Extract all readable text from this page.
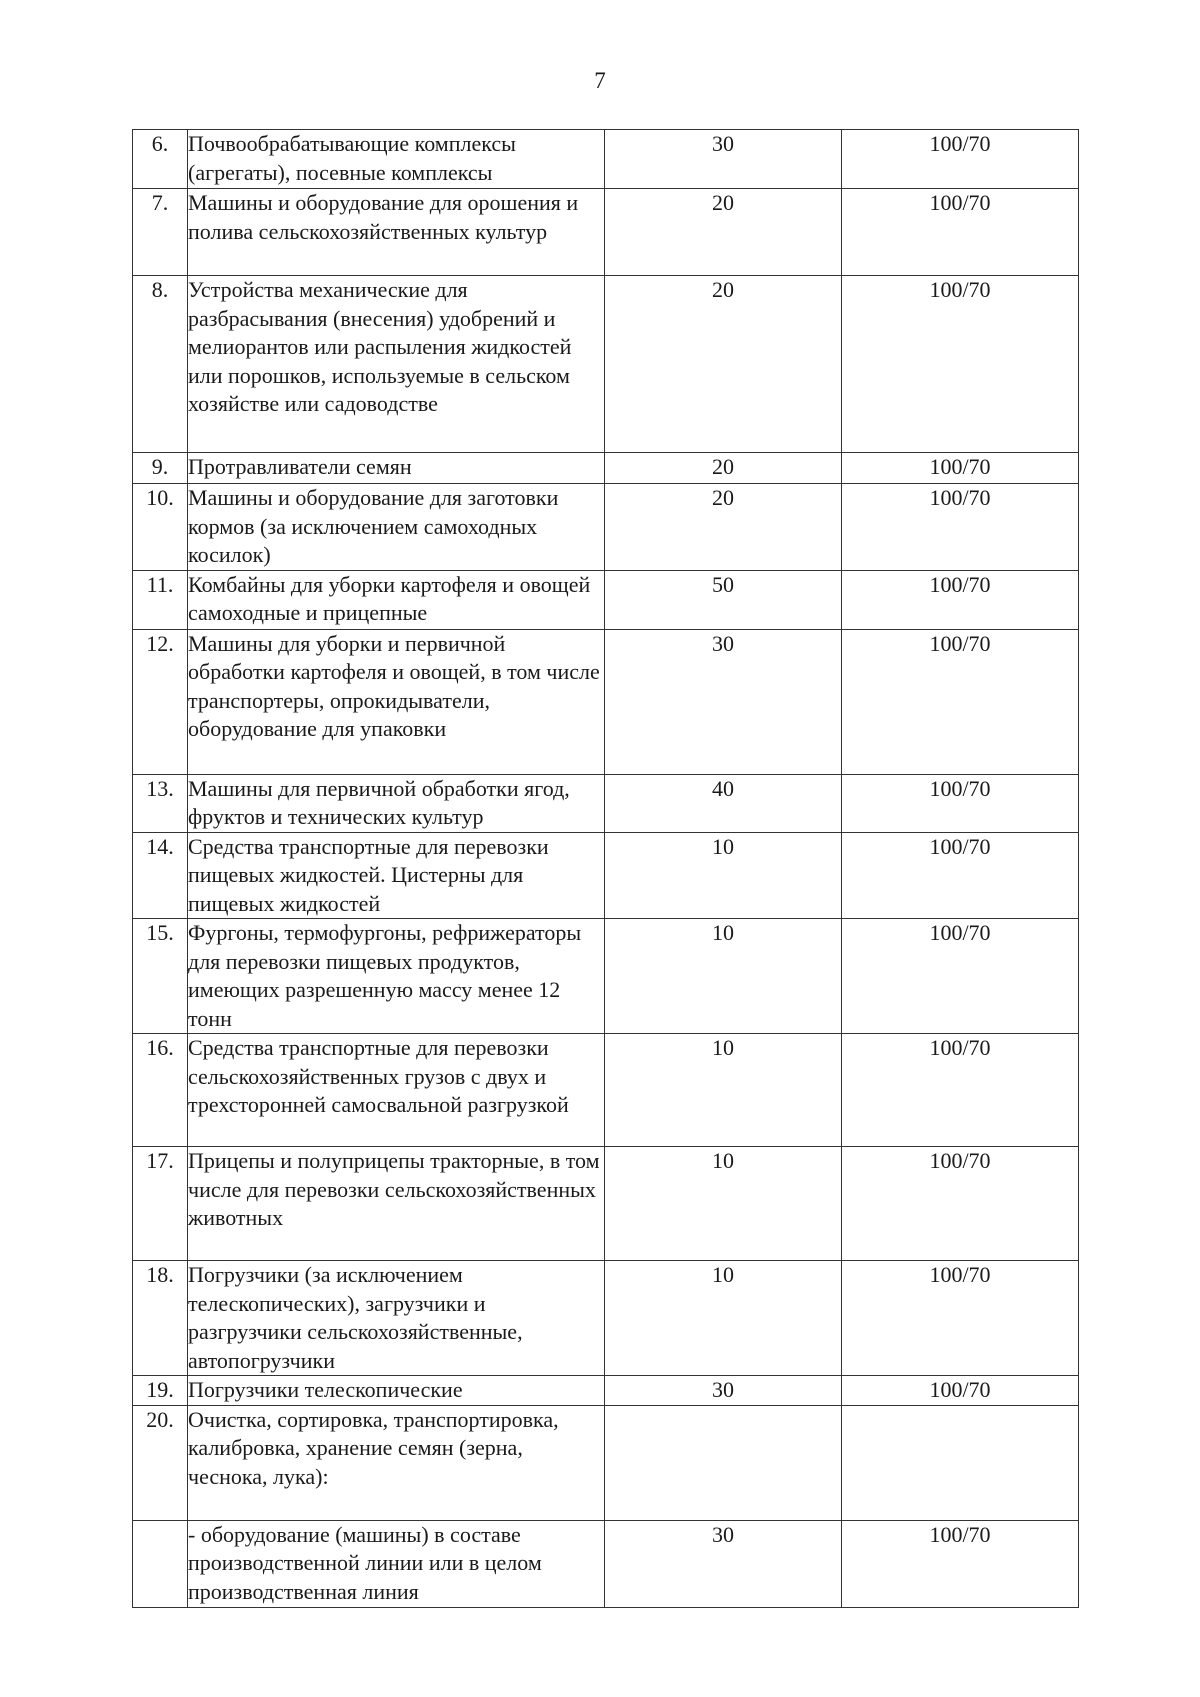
7
6.	Почвообрабатывающие комплексы (агрегаты), посевные комплексы	30	100/70
7.	Машины и оборудование для орошения и полива сельскохозяйственных культур	20	100/70
8.	Устройства механические для разбрасывания (внесения) удобрений и мелиорантов или распыления жидкостей или порошков, используемые в сельском хозяйстве или садоводстве	20	100/70
9.	Протравливатели семян	20	100/70
10.	Машины и оборудование для заготовки кормов (за исключением самоходных косилок)	20	100/70
11.	Комбайны для уборки картофеля и овощей самоходные и прицепные	50	100/70
12.	Машины для уборки и первичной обработки картофеля и овощей, в том числе транспортеры, опрокидыватели, оборудование для упаковки	30	100/70
13.	Машины для первичной обработки ягод, фруктов и технических культур	40	100/70
14.	Средства транспортные для перевозки пищевых жидкостей. Цистерны для пищевых жидкостей	10	100/70
15.	Фургоны, термофургоны, рефрижераторы для перевозки пищевых продуктов, имеющих разрешенную массу менее 12 тонн	10	100/70
16.	Средства транспортные для перевозки сельскохозяйственных грузов с двух и трехсторонней самосвальной разгрузкой	10	100/70
17.	Прицепы и полуприцепы тракторные, в том числе для перевозки сельскохозяйственных животных	10	100/70
18.	Погрузчики (за исключением телескопических), загрузчики и разгрузчики сельскохозяйственные, автопогрузчики	10	100/70
19.	Погрузчики телескопические	30	100/70
20.	Очистка, сортировка, транспортировка, калибровка, хранение семян (зерна, чеснока, лука):		
	- оборудование (машины) в составе производственной линии или в целом производственная линия	30	100/70
